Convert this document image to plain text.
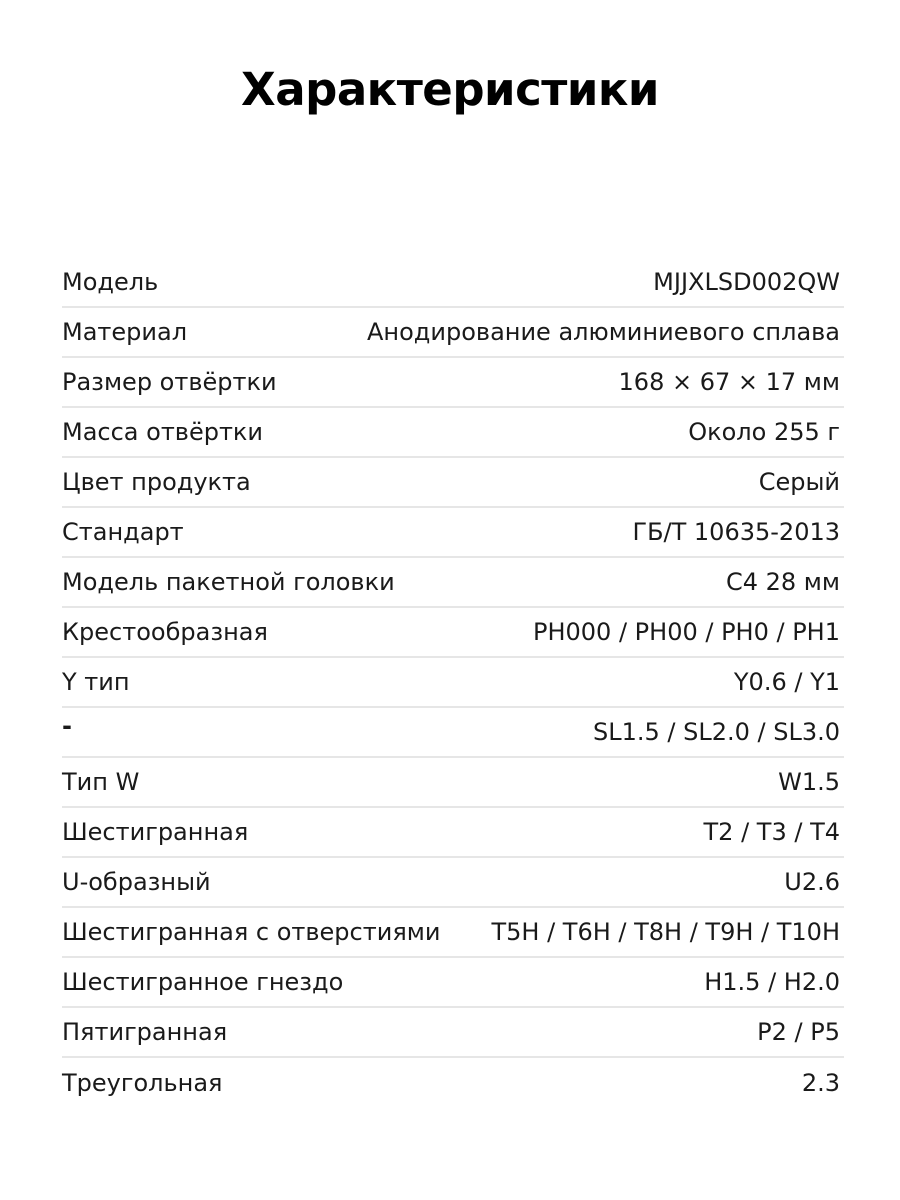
Характеристики
Модель	MJJXLSD002QW
Материал	Анодирование алюминиевого сплава
Размер отвёртки	168 × 67 × 17 мм
Масса отвёртки	Около 255 г
Цвет продукта	Серый
Стандарт	ГБ/Т 10635-2013
Модель пакетной головки	C4 28 мм
Крестообразная	PH000 / PH00 / PH0 / PH1
Y тип	Y0.6 / Y1
-	SL1.5 / SL2.0 / SL3.0
Тип W	W1.5
Шестигранная	T2 / T3 / T4
U-образный	U2.6
Шестигранная с отверстиями T5H / T6H / T8H / T9H / T10H
Шестигранное гнездо	H1.5 / H2.0
Пятигранная	P2 / P5
Треугольная	2.3
